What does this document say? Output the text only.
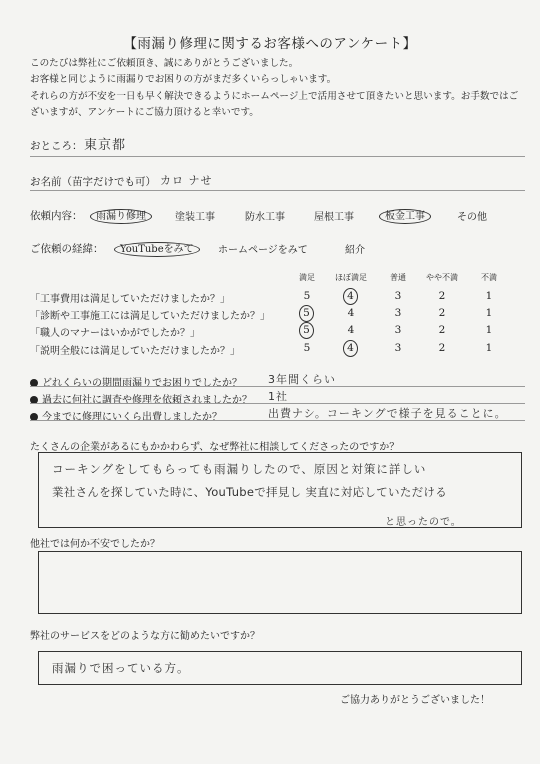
【雨漏り修理に関するお客様へのアンケート】
このたびは弊社にご依頼頂き、誠にありがとうございました。
お客様と同じように雨漏りでお困りの方がまだ多くいらっしゃいます。
それらの方が不安を一日も早く解決できるようにホームページ上で活用させて頂きたいと思います。お手数ではご
ざいますが、アンケートにご協力頂けると幸いです。
おところ： 東京都
お名前（苗字だけでも可） カロ ナせ
依頼内容： 雨漏り修理	塗装工事	防水工事	屋根工事	板金工事	その他
ご依頼の経緯： YouTubeをみて	ホームページをみて	紹介
満足	ほぼ満足	普通	やや不満	不満
「工事費用は満足していただけましたか？」	5	4	3	2	1
「診断や工事施工には満足していただけましたか？」	5	4	3	2	1
「職人のマナーはいかがでしたか？」	5	4	3	2	1
「説明全般には満足していただけましたか？」	5	4	3	2	1
どれくらいの期間雨漏りでお困りでしたか？ 3年間くらい
過去に何社に調査や修理を依頼されましたか？ 1社
今までに修理にいくら出費しましたか？	出費ナシ。コーキングで様子を見ることに。
たくさんの企業があるにもかかわらず、なぜ弊社に相談してくださったのですか？
コーキングをしてもらっても雨漏りしたので、原因と対策に詳しい
業社さんを探していた時に、YouTubeで拝見し 実直に対応していただける
と思ったので。
他社では何か不安でしたか？
弊社のサービスをどのような方に勧めたいですか？
雨漏りで困っている方。
ご協力ありがとうございました！
